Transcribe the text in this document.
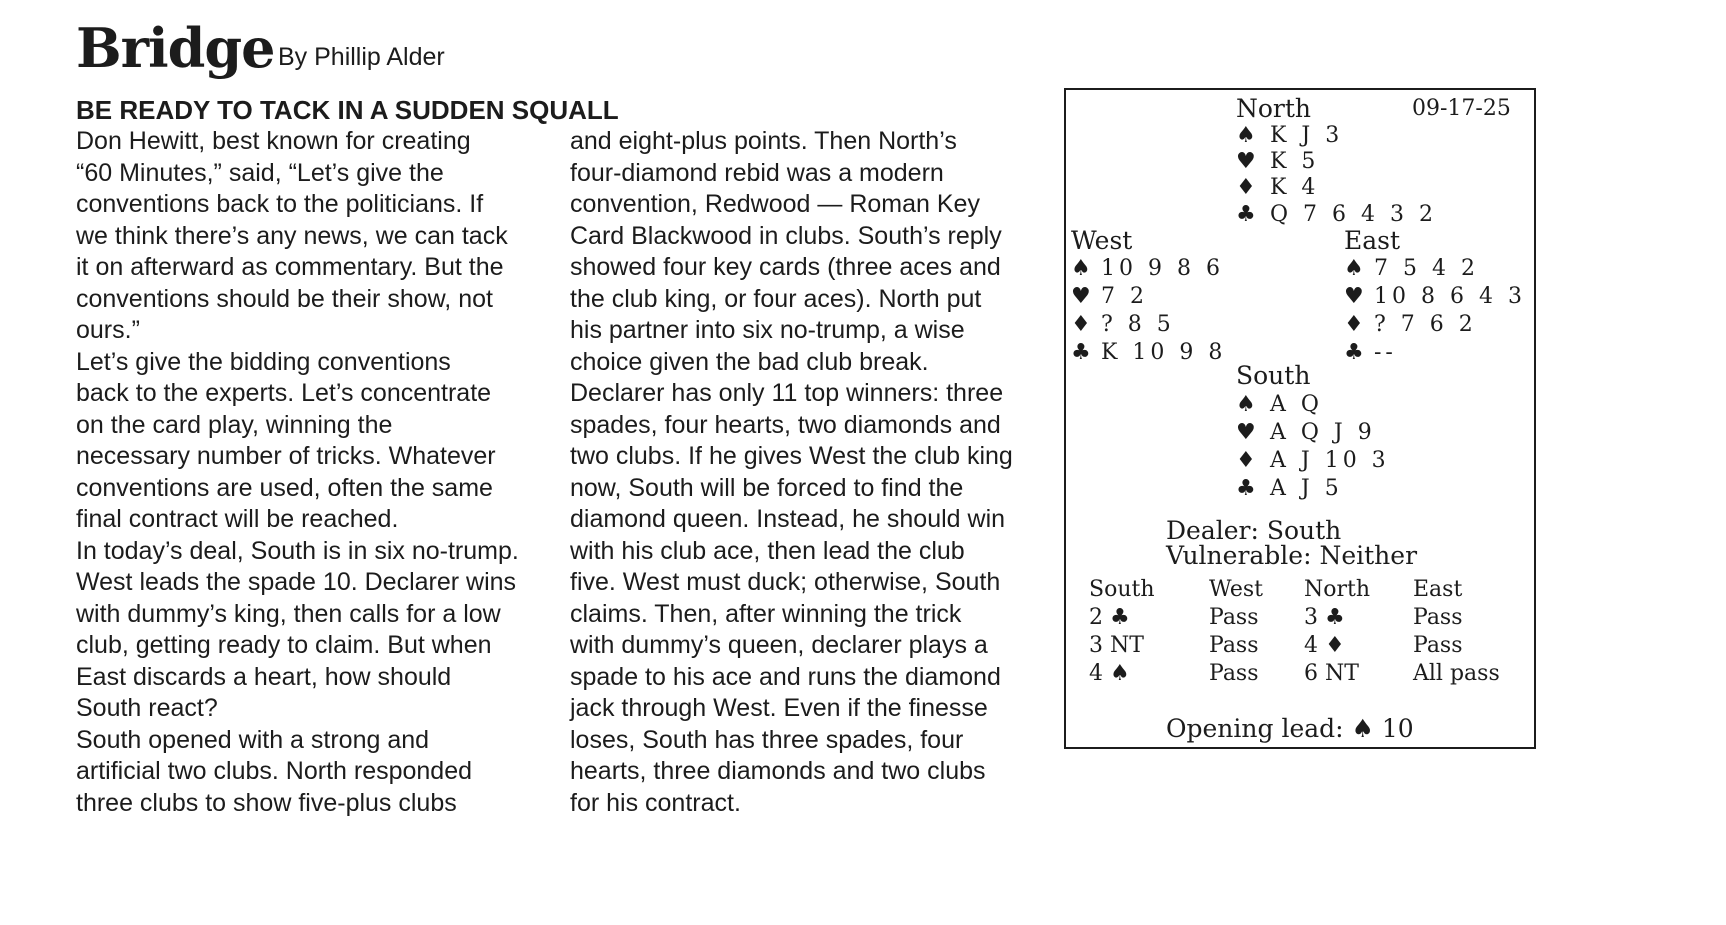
Bridge By Phillip Alder
BE READY TO TACK IN A SUDDEN SQUALL
Don Hewitt, best known for creating
“60 Minutes,” said, “Let’s give the
conventions back to the politicians. If
we think there’s any news, we can tack
it on afterward as commentary. But the
conventions should be their show, not
ours.”
Let’s give the bidding conventions
back to the experts. Let’s concentrate
on the card play, winning the
necessary number of tricks. Whatever
conventions are used, often the same
final contract will be reached.
In today’s deal, South is in six no-trump.
West leads the spade 10. Declarer wins
with dummy’s king, then calls for a low
club, getting ready to claim. But when
East discards a heart, how should
South react?
South opened with a strong and
artificial two clubs. North responded
three clubs to show five-plus clubs
and eight-plus points. Then North’s
four-diamond rebid was a modern
convention, Redwood — Roman Key
Card Blackwood in clubs. South’s reply
showed four key cards (three aces and
the club king, or four aces). North put
his partner into six no-trump, a wise
choice given the bad club break.
Declarer has only 11 top winners: three
spades, four hearts, two diamonds and
two clubs. If he gives West the club king
now, South will be forced to find the
diamond queen. Instead, he should win
with his club ace, then lead the club
five. West must duck; otherwise, South
claims. Then, after winning the trick
with dummy’s queen, declarer plays a
spade to his ace and runs the diamond
jack through West. Even if the finesse
loses, South has three spades, four
hearts, three diamonds and two clubs
for his contract.
North	09-17-25
♠ K J 3
♥ K 5
♦ K 4
♣ Q 7 6 4 3 2
West
♠ 10 9 8 6
♥ 7 2
♦ ? 8 5
♣ K 10 9 8
East
♠ 7 5 4 2
♥ 10 8 6 4 3
♦ ? 7 6 2
♣ --
South
♠ A Q
♥ A Q J 9
♦ A J 10 3
♣ A J 5
Dealer: South
Vulnerable: Neither
South West North East
2 ♣	Pass 3 ♣	Pass
3 NT	Pass 4 ♦	Pass
4 ♠	Pass 6 NT All pass
Opening lead: ♠ 10
